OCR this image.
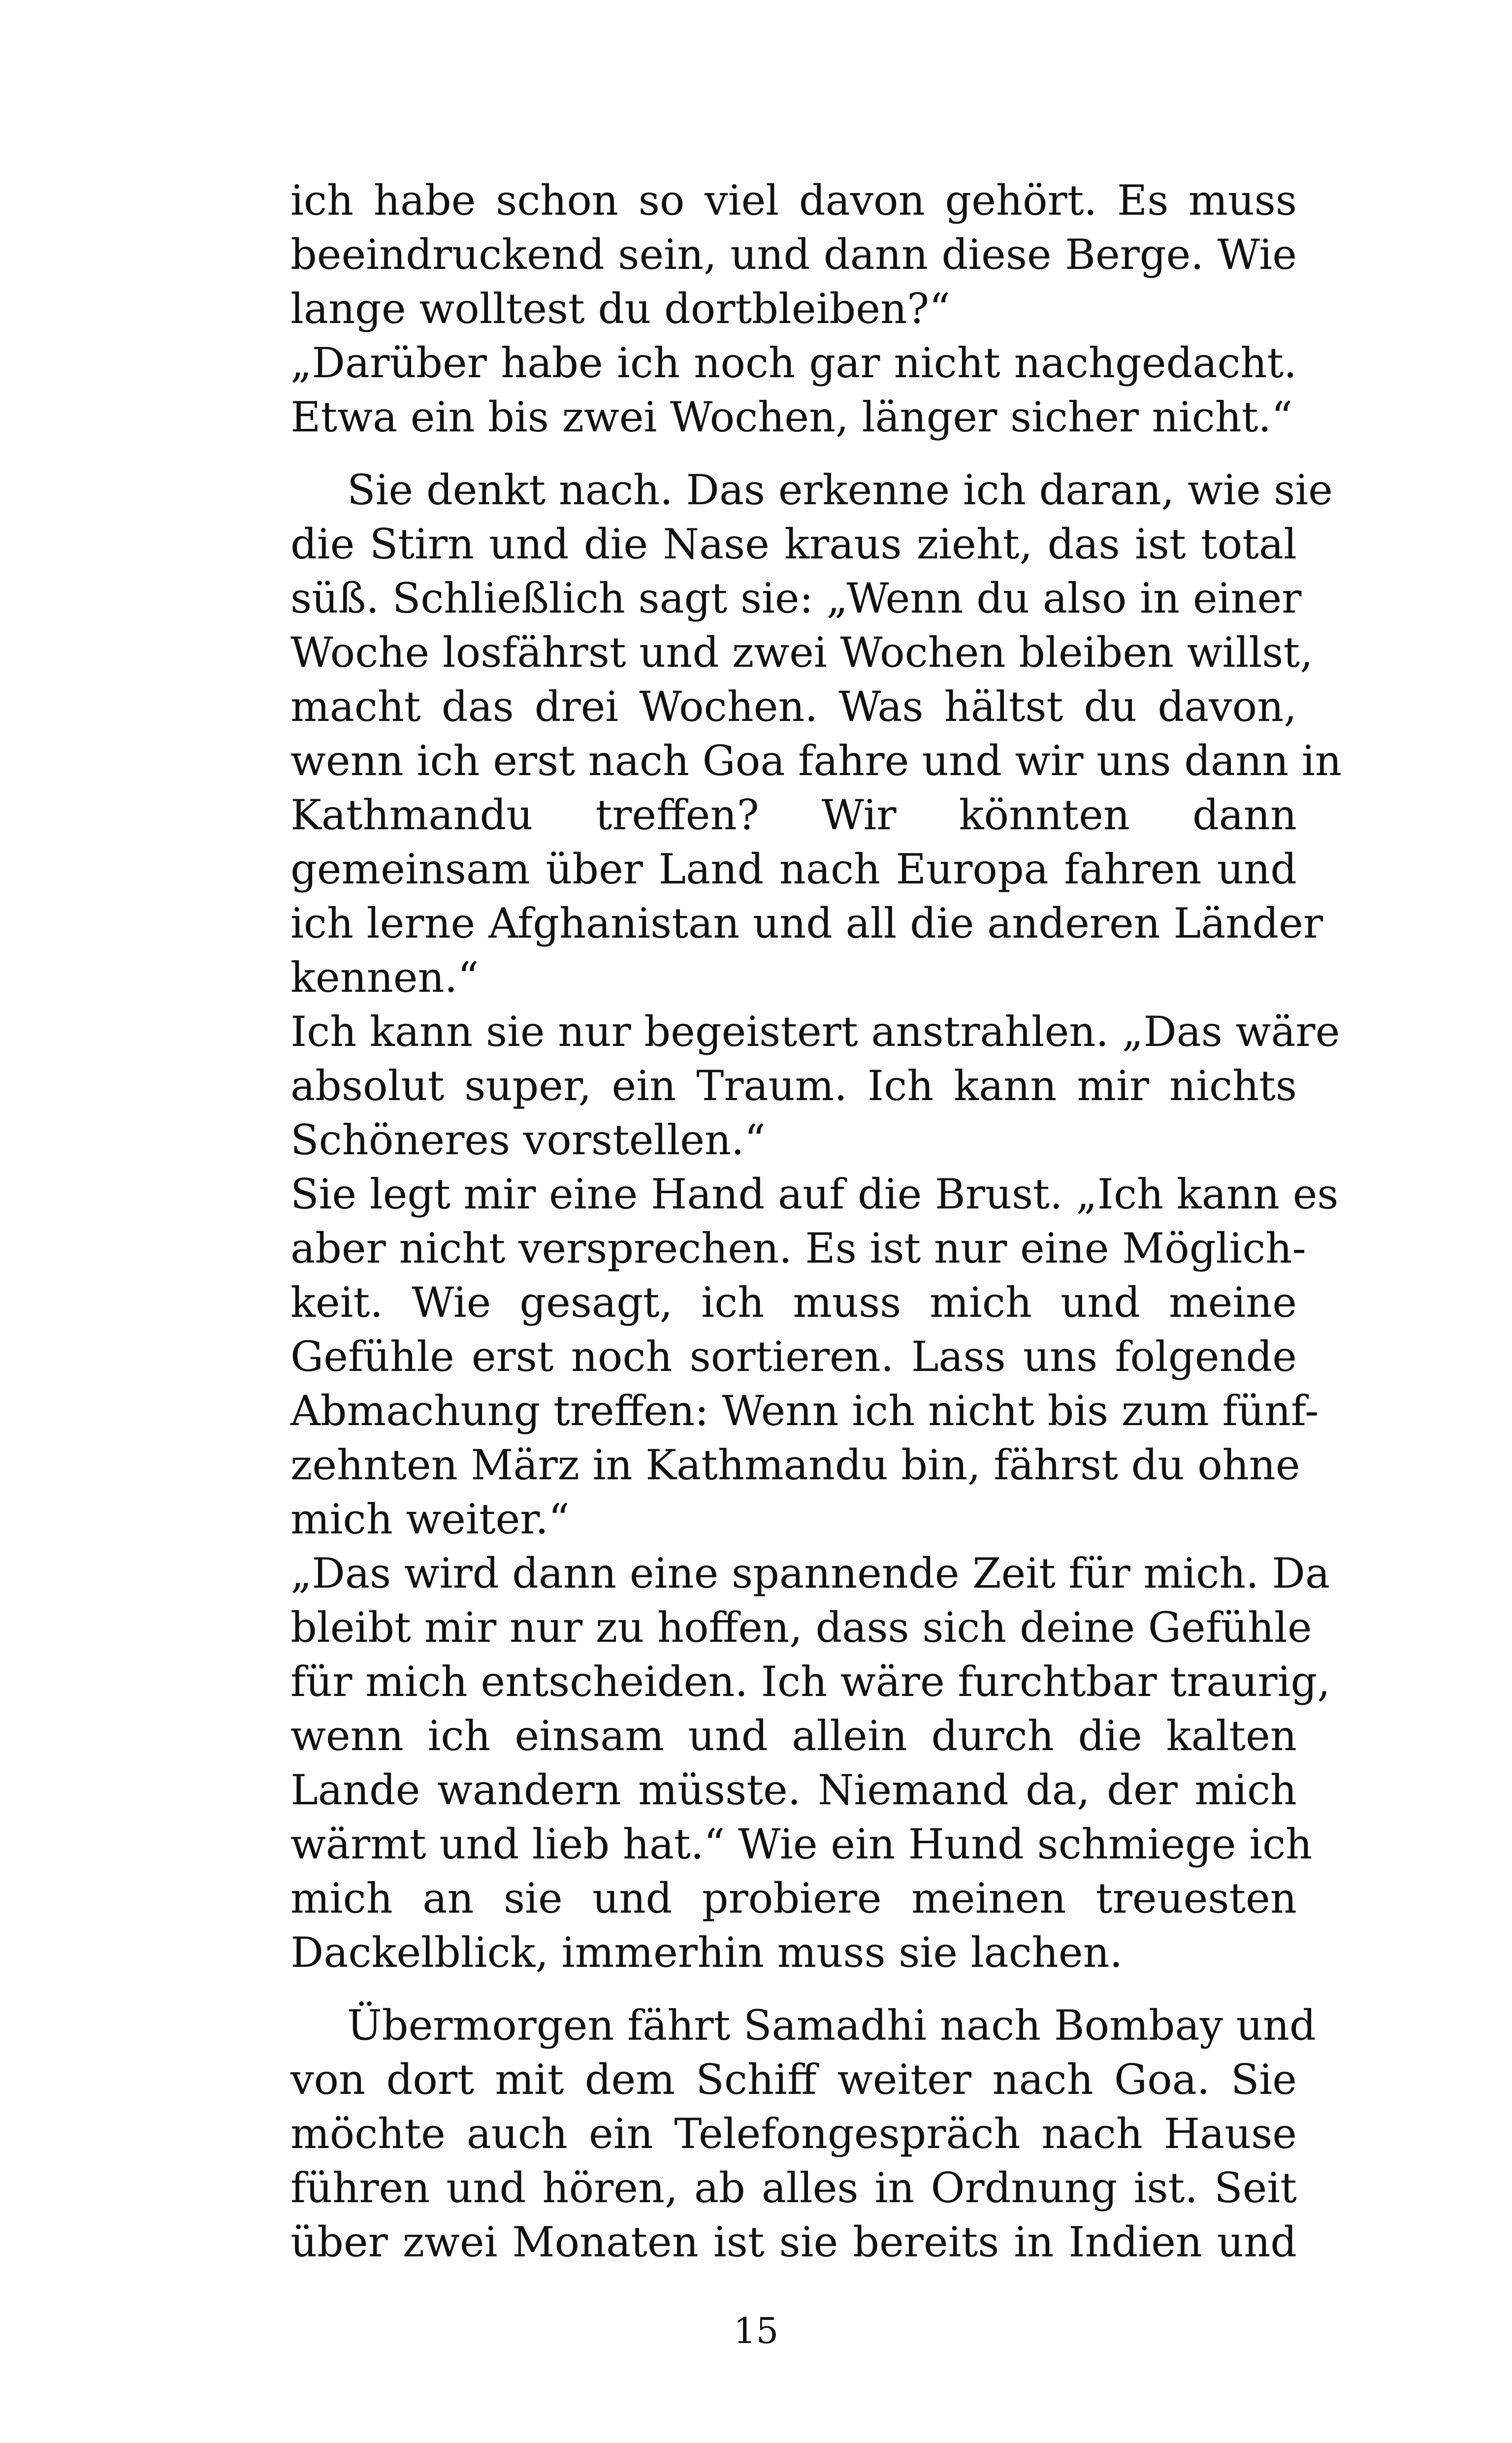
ich habe schon so viel davon gehört. Es muss
beeindruckend sein, und dann diese Berge. Wie
lange wolltest du dortbleiben?“
„Darüber habe ich noch gar nicht nachgedacht.
Etwa ein bis zwei Wochen, länger sicher nicht.“
Sie denkt nach. Das erkenne ich daran, wie sie
die Stirn und die Nase kraus zieht, das ist total
süß. Schließlich sagt sie: „Wenn du also in einer
Woche losfährst und zwei Wochen bleiben willst,
macht das drei Wochen. Was hältst du davon,
wenn ich erst nach Goa fahre und wir uns dann in
Kathmandu treffen? Wir könnten dann
gemeinsam über Land nach Europa fahren und
ich lerne Afghanistan und all die anderen Länder
kennen.“
Ich kann sie nur begeistert anstrahlen. „Das wäre
absolut super, ein Traum. Ich kann mir nichts
Schöneres vorstellen.“
Sie legt mir eine Hand auf die Brust. „Ich kann es
aber nicht versprechen. Es ist nur eine Möglich-
keit. Wie gesagt, ich muss mich und meine
Gefühle erst noch sortieren. Lass uns folgende
Abmachung treffen: Wenn ich nicht bis zum fünf-
zehnten März in Kathmandu bin, fährst du ohne
mich weiter.“
„Das wird dann eine spannende Zeit für mich. Da
bleibt mir nur zu hoffen, dass sich deine Gefühle
für mich entscheiden. Ich wäre furchtbar traurig,
wenn ich einsam und allein durch die kalten
Lande wandern müsste. Niemand da, der mich
wärmt und lieb hat.“ Wie ein Hund schmiege ich
mich an sie und probiere meinen treuesten
Dackelblick, immerhin muss sie lachen.
Übermorgen fährt Samadhi nach Bombay und
von dort mit dem Schiff weiter nach Goa. Sie
möchte auch ein Telefongespräch nach Hause
führen und hören, ab alles in Ordnung ist. Seit
über zwei Monaten ist sie bereits in Indien und
15
